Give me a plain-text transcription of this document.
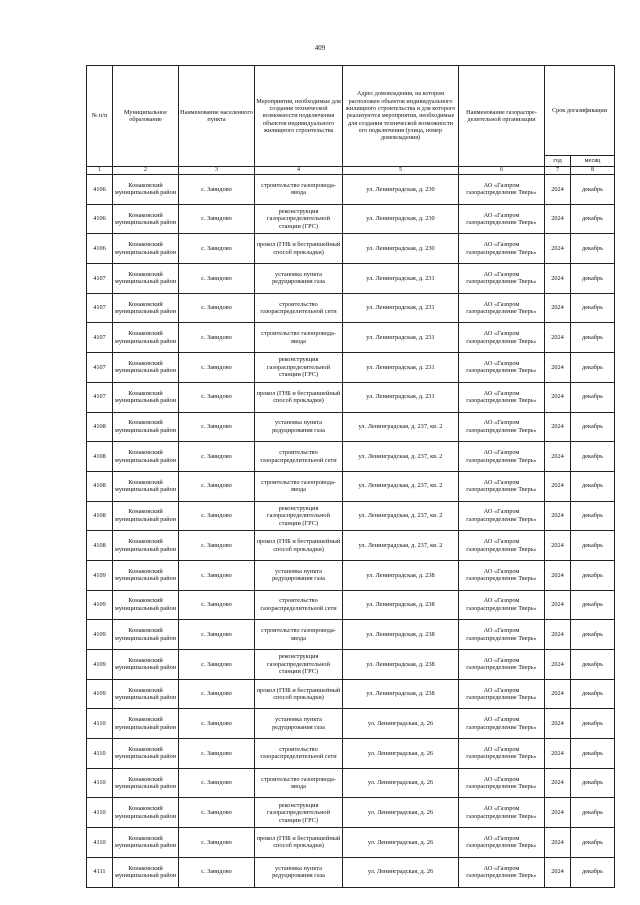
409
№ п/п	Муниципальное образование	Наименование населенного пункта	Мероприятия, необходимые для создания технической возможности подключения объектов индивидуального жилищного строительства	Адрес домовладения, на котором расположен объектов индивидуального жилищного строительства и для которого реализуются мероприятия, необходимые для создания технической возможности его подключения (улица, номер домовладения)	Наименование газораспре-делительной организации	Срок догазификации	
						год	месяц
1	2	3	4	5	6	7	8
4106	Конаковский муниципальный район	с. Завидово	строительство газопровода-ввода	ул. Ленинградская, д. 230	АО «Газпром газораспределение Тверь»	2024	декабрь
4106	Конаковский муниципальный район	с. Завидово	реконструкция газораспределительной станции (ГРС)	ул. Ленинградская, д. 230	АО «Газпром газораспределение Тверь»	2024	декабрь
4106	Конаковский муниципальный район	с. Завидово	прокол (ГНБ и бестраншейный способ прокладки)	ул. Ленинградская, д. 230	АО «Газпром газораспределение Тверь»	2024	декабрь
4107	Конаковский муниципальный район	с. Завидово	установка пункта редуцирования газа	ул. Ленинградская, д. 231	АО «Газпром газораспределение Тверь»	2024	декабрь
4107	Конаковский муниципальный район	с. Завидово	строительство газораспределительной сети	ул. Ленинградская, д. 231	АО «Газпром газораспределение Тверь»	2024	декабрь
4107	Конаковский муниципальный район	с. Завидово	строительство газопровода-ввода	ул. Ленинградская, д. 231	АО «Газпром газораспределение Тверь»	2024	декабрь
4107	Конаковский муниципальный район	с. Завидово	реконструкция газораспределительной станции (ГРС)	ул. Ленинградская, д. 231	АО «Газпром газораспределение Тверь»	2024	декабрь
4107	Конаковский муниципальный район	с. Завидово	прокол (ГНБ и бестраншейный способ прокладки)	ул. Ленинградская, д. 231	АО «Газпром газораспределение Тверь»	2024	декабрь
4108	Конаковский муниципальный район	с. Завидово	установка пункта редуцирования газа	ул. Ленинградская, д. 237, кв. 2	АО «Газпром газораспределение Тверь»	2024	декабрь
4108	Конаковский муниципальный район	с. Завидово	строительство газораспределительной сети	ул. Ленинградская, д. 237, кв. 2	АО «Газпром газораспределение Тверь»	2024	декабрь
4108	Конаковский муниципальный район	с. Завидово	строительство газопровода-ввода	ул. Ленинградская, д. 237, кв. 2	АО «Газпром газораспределение Тверь»	2024	декабрь
4108	Конаковский муниципальный район	с. Завидово	реконструкция газораспределительной станции (ГРС)	ул. Ленинградская, д. 237, кв. 2	АО «Газпром газораспределение Тверь»	2024	декабрь
4108	Конаковский муниципальный район	с. Завидово	прокол (ГНБ и бестраншейный способ прокладки)	ул. Ленинградская, д. 237, кв. 2	АО «Газпром газораспределение Тверь»	2024	декабрь
4109	Конаковский муниципальный район	с. Завидово	установка пункта редуцирования газа	ул. Ленинградская, д. 238	АО «Газпром газораспределение Тверь»	2024	декабрь
4109	Конаковский муниципальный район	с. Завидово	строительство газораспределительной сети	ул. Ленинградская, д. 238	АО «Газпром газораспределение Тверь»	2024	декабрь
4109	Конаковский муниципальный район	с. Завидово	строительство газопровода-ввода	ул. Ленинградская, д. 238	АО «Газпром газораспределение Тверь»	2024	декабрь
4109	Конаковский муниципальный район	с. Завидово	реконструкция газораспределительной станции (ГРС)	ул. Ленинградская, д. 238	АО «Газпром газораспределение Тверь»	2024	декабрь
4109	Конаковский муниципальный район	с. Завидово	прокол (ГНБ и бестраншейный способ прокладки)	ул. Ленинградская, д. 238	АО «Газпром газораспределение Тверь»	2024	декабрь
4110	Конаковский муниципальный район	с. Завидово	установка пункта редуцирования газа	ул. Ленинградская, д. 26	АО «Газпром газораспределение Тверь»	2024	декабрь
4110	Конаковский муниципальный район	с. Завидово	строительство газораспределительной сети	ул. Ленинградская, д. 26	АО «Газпром газораспределение Тверь»	2024	декабрь
4110	Конаковский муниципальный район	с. Завидово	строительство газопровода-ввода	ул. Ленинградская, д. 26	АО «Газпром газораспределение Тверь»	2024	декабрь
4110	Конаковский муниципальный район	с. Завидово	реконструкция газораспределительной станции (ГРС)	ул. Ленинградская, д. 26	АО «Газпром газораспределение Тверь»	2024	декабрь
4110	Конаковский муниципальный район	с. Завидово	прокол (ГНБ и бестраншейный способ прокладки)	ул. Ленинградская, д. 26	АО «Газпром газораспределение Тверь»	2024	декабрь
4111	Конаковский муниципальный район	с. Завидово	установка пункта редуцирования газа	ул. Ленинградская, д. 26	АО «Газпром газораспределение Тверь»	2024	декабрь
